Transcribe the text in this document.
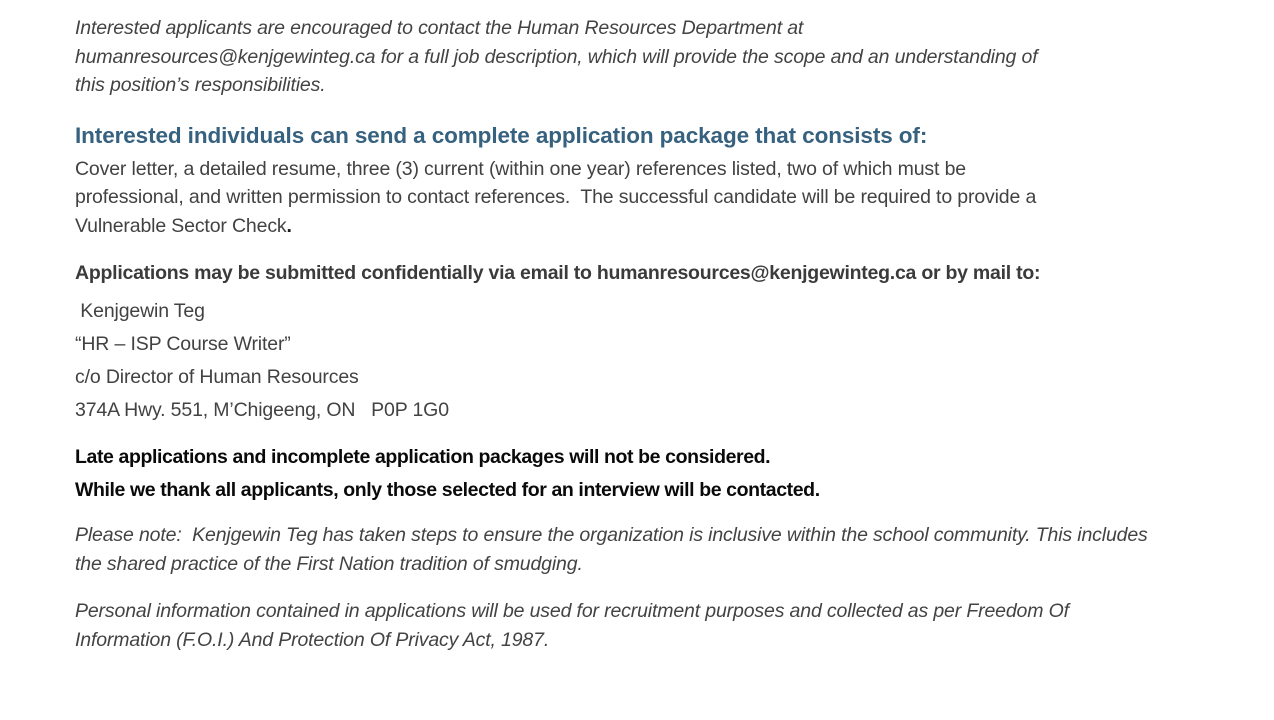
Interested applicants are encouraged to contact the Human Resources Department at
humanresources@kenjgewinteg.ca for a full job description, which will provide the scope and an understanding of
this position’s responsibilities.
Interested individuals can send a complete application package that consists of:
Cover letter, a detailed resume, three (3) current (within one year) references listed, two of which must be
professional, and written permission to contact references.  The successful candidate will be required to provide a
Vulnerable Sector Check.
Applications may be submitted confidentially via email to humanresources@kenjgewinteg.ca or by mail to:
Kenjgewin Teg
“HR – ISP Course Writer”
c/o Director of Human Resources
374A Hwy. 551, M’Chigeeng, ON   P0P 1G0
Late applications and incomplete application packages will not be considered.
While we thank all applicants, only those selected for an interview will be contacted.
Please note:  Kenjgewin Teg has taken steps to ensure the organization is inclusive within the school community. This includes
the shared practice of the First Nation tradition of smudging.
Personal information contained in applications will be used for recruitment purposes and collected as per Freedom Of
Information (F.O.I.) And Protection Of Privacy Act, 1987.
